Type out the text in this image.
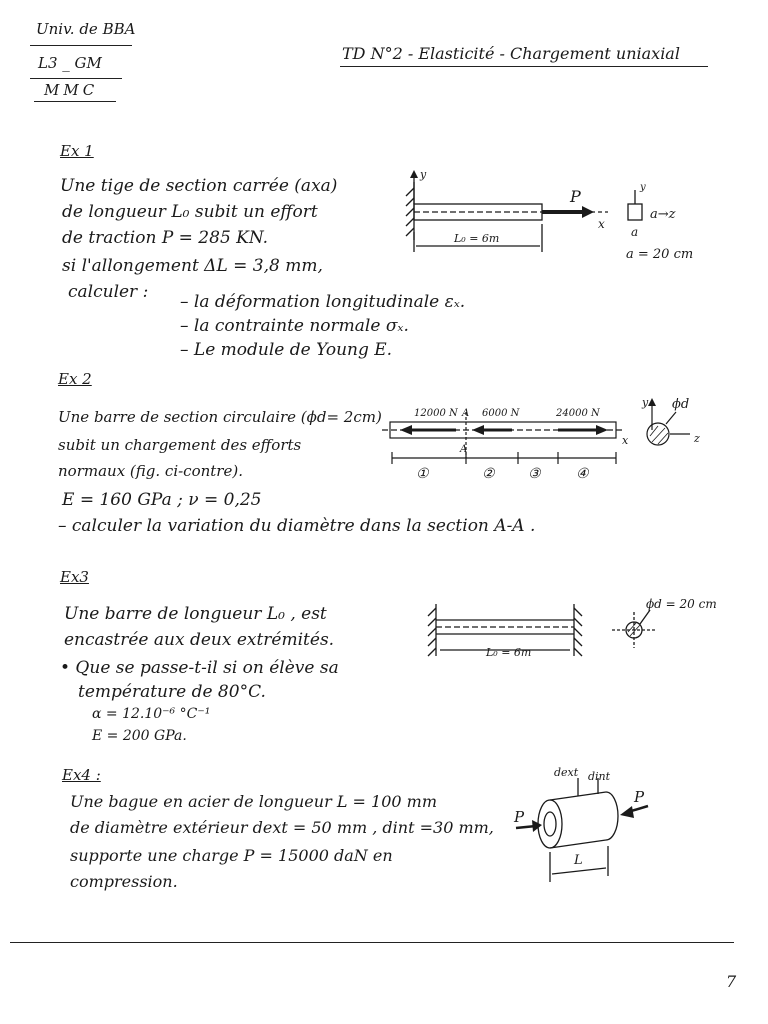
Univ. de BBA
L3 _ GM
MMC
TD N°2 - Elasticité - Chargement uniaxial
Ex 1
Une tige de section carrée (axa)
de longueur L₀ subit un effort
de traction P = 285 KN.
si l'allongement ΔL = 3,8 mm,
calculer : – la déformation longitudinale εₓ.
– la contrainte normale σₓ.
– Le module de Young E.
y
P
x
L₀ = 6m
y
a→z
a
a = 20 cm
Ex 2
Une barre de section circulaire (ϕd= 2cm)
subit un chargement des efforts
normaux (fig. ci-contre).
E = 160 GPa ; ν = 0,25
– calculer la variation du diamètre dans la section A-A .
12000 N A 6000 N	24000 N
A
x
y ϕd
z
①	② ③	④
Ex3
Une barre de longueur L₀ , est
encastrée aux deux extrémités.
• Que se passe-t-il si on élève sa
température de 80°C.
α = 12.10⁻⁶ °C⁻¹
E = 200 GPa.
L₀ = 6m
ϕd = 20 cm
Ex4 :
Une bague en acier de longueur L = 100 mm
de diamètre extérieur dext = 50 mm , dint =30 mm,
supporte une charge P = 15000 daN en
compression.
dext dint
P
P
L
7
